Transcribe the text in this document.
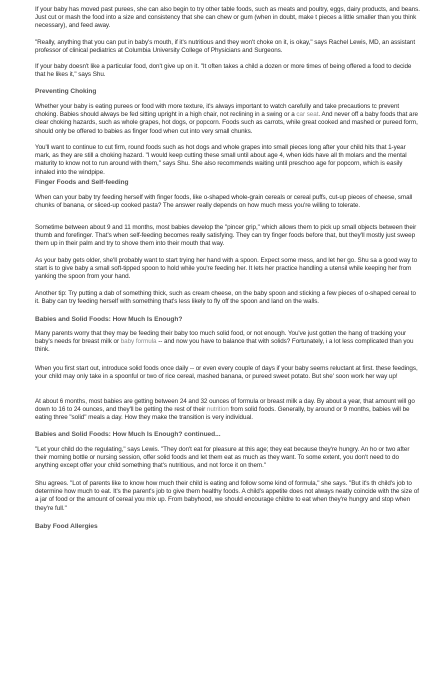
If your baby has moved past purees, she can also begin to try other table foods, such as meats and poultry, eggs, dairy products, and beans. Just cut or mash the food into a size and consistency that she can chew or gum (when in doubt, make t pieces a little smaller than you think necessary), and feed away.

"Really, anything that you can put in baby's mouth, if it's nutritious and they won't choke on it, is okay," says Rachel Lewis, MD, an assistant professor of clinical pediatrics at Columbia University College of Physicians and Surgeons.

If your baby doesn't like a particular food, don't give up on it. "It often takes a child a dozen or more times of being offered a food to decide that he likes it," says Shu.

Preventing Choking

Whether your baby is eating purees or food with more texture, it's always important to watch carefully and take precautions tc prevent choking. Babies should always be fed sitting upright in a high chair, not reclining in a swing or a car seat. And never off a baby foods that are clear choking hazards, such as whole grapes, hot dogs, or popcorn. Foods such as carrots, while great cooked and mashed or pureed form, should only be offered to babies as finger food when cut into very small chunks.

You'll want to continue to cut firm, round foods such as hot dogs and whole grapes into small pieces long after your child hits that 1-year mark, as they are still a choking hazard. "I would keep cutting these small until about age 4, when kids have all th molars and the mental maturity to know not to run around with them," says Shu. She also recommends waiting until preschoo age for popcorn, which is easily inhaled into the windpipe.

Finger Foods and Self-feeding

When can your baby try feeding herself with finger foods, like o-shaped whole-grain cereals or cereal puffs, cut-up pieces of cheese, small chunks of banana, or sliced-up cooked pasta? The answer really depends on how much mess you're willing to tolerate.

Sometime between about 9 and 11 months, most babies develop the "pincer grip," which allows them to pick up small objects between their thumb and forefinger. That's when self-feeding becomes really satisfying. They can try finger foods before that, but they'll mostly just sweep them up in their palm and try to shove them into their mouth that way.

As your baby gets older, she'll probably want to start trying her hand with a spoon. Expect some mess, and let her go. Shu sa a good way to start is to give baby a small soft-tipped spoon to hold while you're feeding her. It lets her practice handling a utensil while keeping her from yanking the spoon from your hand.

Another tip: Try putting a dab of something thick, such as cream cheese, on the baby spoon and sticking a few pieces of o-shaped cereal to it. Baby can try feeding herself with something that's less likely to fly off the spoon and land on the walls.

Babies and Solid Foods: How Much Is Enough?

Many parents worry that they may be feeding their baby too much solid food, or not enough. You've just gotten the hang of tracking your baby's needs for breast milk or baby formula -- and now you have to balance that with solids? Fortunately, i a lot less complicated than you think.

When you first start out, introduce solid foods once daily -- or even every couple of days if your baby seems reluctant at first. these feedings, your child may only take in a spoonful or two of rice cereal, mashed banana, or pureed sweet potato. But she' soon work her way up!

At about 6 months, most babies are getting between 24 and 32 ounces of formula or breast milk a day. By about a year, that amount will go down to 16 to 24 ounces, and they'll be getting the rest of their nutrition from solid foods. Generally, by around or 9 months, babies will be eating three "solid" meals a day. How they make the transition is very individual.

Babies and Solid Foods: How Much Is Enough? continued...

"Let your child do the regulating," says Lewis. "They don't eat for pleasure at this age; they eat because they're hungry. An ho or two after their morning bottle or nursing session, offer solid foods and let them eat as much as they want. To some extent, you don't need to do anything except offer your child something that's nutritious, and not force it on them."

Shu agrees. "Lot of parents like to know how much their child is eating and follow some kind of formula," she says. "But it's th child's job to determine how much to eat. It's the parent's job to give them healthy foods. A child's appetite does not always neatly coincide with the size of a jar of food or the amount of cereal you mix up. From babyhood, we should encourage childre to eat when they're hungry and stop when they're full."

Baby Food Allergies
